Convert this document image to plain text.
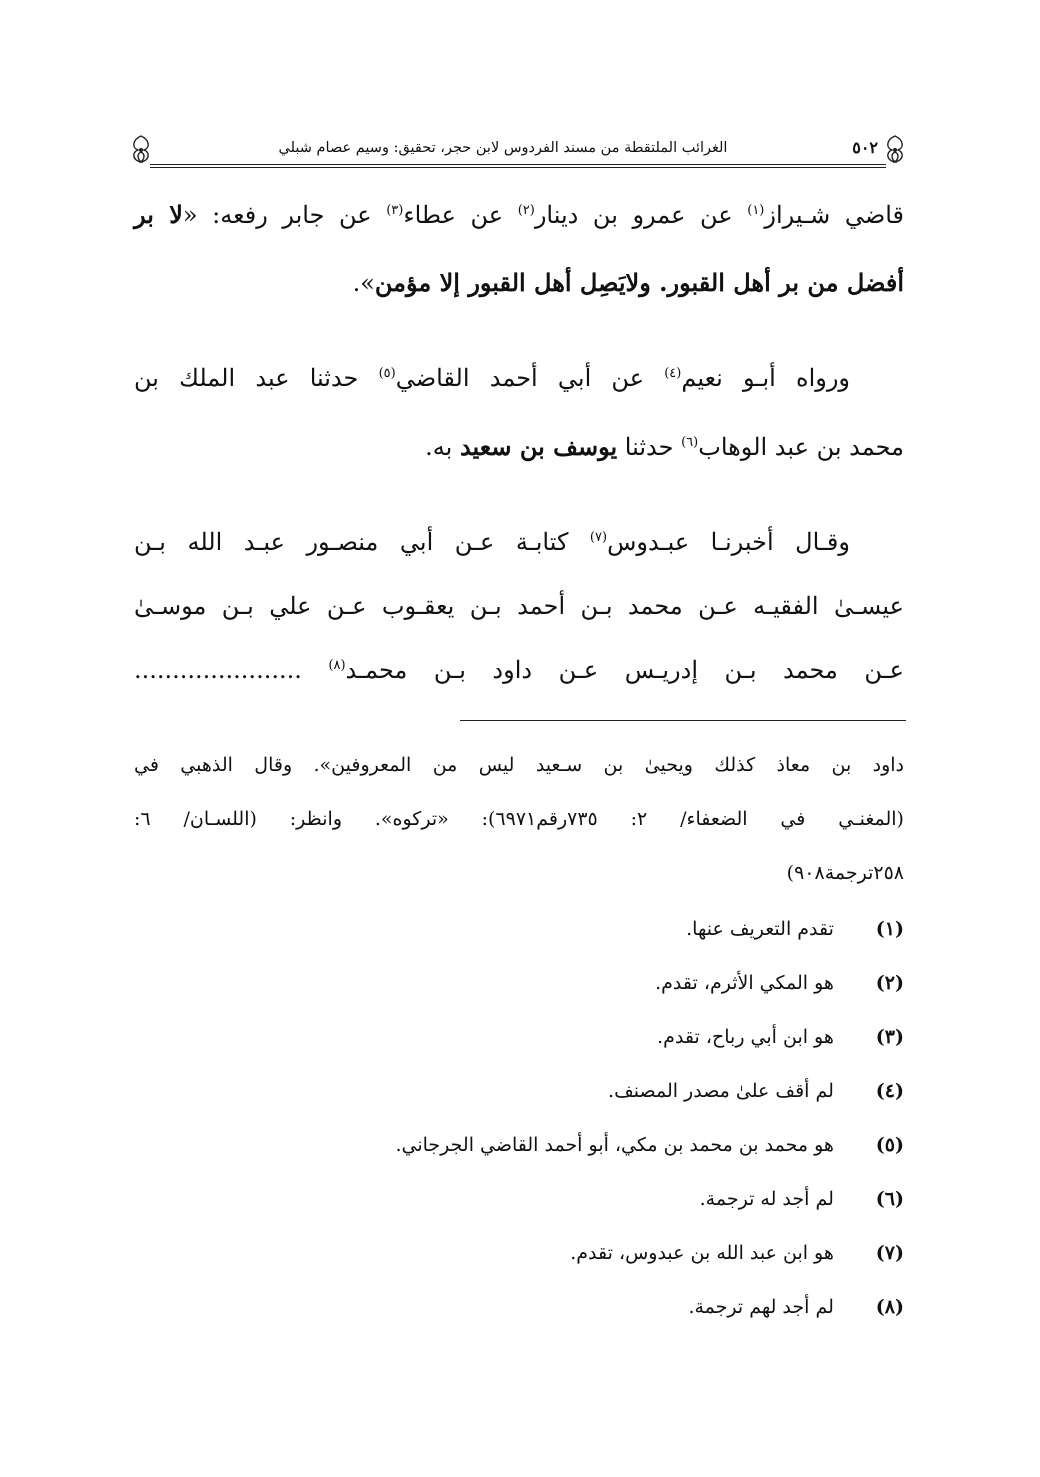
٥٠٢
الغرائب الملتقطة من مسند الفردوس لابن حجر، تحقيق: وسيم عصام شبلي
قاضي شـيراز$^{(١)}$ عن عمرو بن دينار$^{(٢)}$ عن عطاء$^{(٣)}$ عن جابر رفعه: «لا بر
أفضل من بر أهل القبور. ولايَصِل أهل القبور إلا مؤمن».
ورواه أبـو نعيم$^{(٤)}$ عن أبي أحمد القاضي$^{(٥)}$ حدثنا عبد الملك بن
محمد بن عبد الوهاب$^{(٦)}$ حدثنا يوسف بن سعيد به.
وقـال أخبرنـا عبـدوس$^{(٧)}$ كتابـة عـن أبي منصـور عبـد الله بـن
عيسـىٰ الفقيـه عـن محمد بـن أحمد بـن يعقـوب عـن علي بـن موسـىٰ
عـن محمد بـن إدريـس عـن داود بـن محمـد$^{(٨)}$ ......................
داود بن معاذ كذلك ويحيىٰ بن سـعيد ليس من المعروفين». وقال الذهبي في
(المغنـي في الضعفاء/ ٢: ٧٣٥رقم٦٩٧١): «تركوه». وانظر: (اللسـان/ ٦:
٢٥٨ترجمة٩٠٨)
(١)  تقدم التعريف عنها.
(٢)  هو المكي الأثرم، تقدم.
(٣)  هو ابن أبي رباح، تقدم.
(٤)  لم أقف علىٰ مصدر المصنف.
(٥)  هو محمد بن محمد بن مكي، أبو أحمد القاضي الجرجاني.
(٦)  لم أجد له ترجمة.
(٧)  هو ابن عبد الله بن عبدوس، تقدم.
(٨)  لم أجد لهم ترجمة.
